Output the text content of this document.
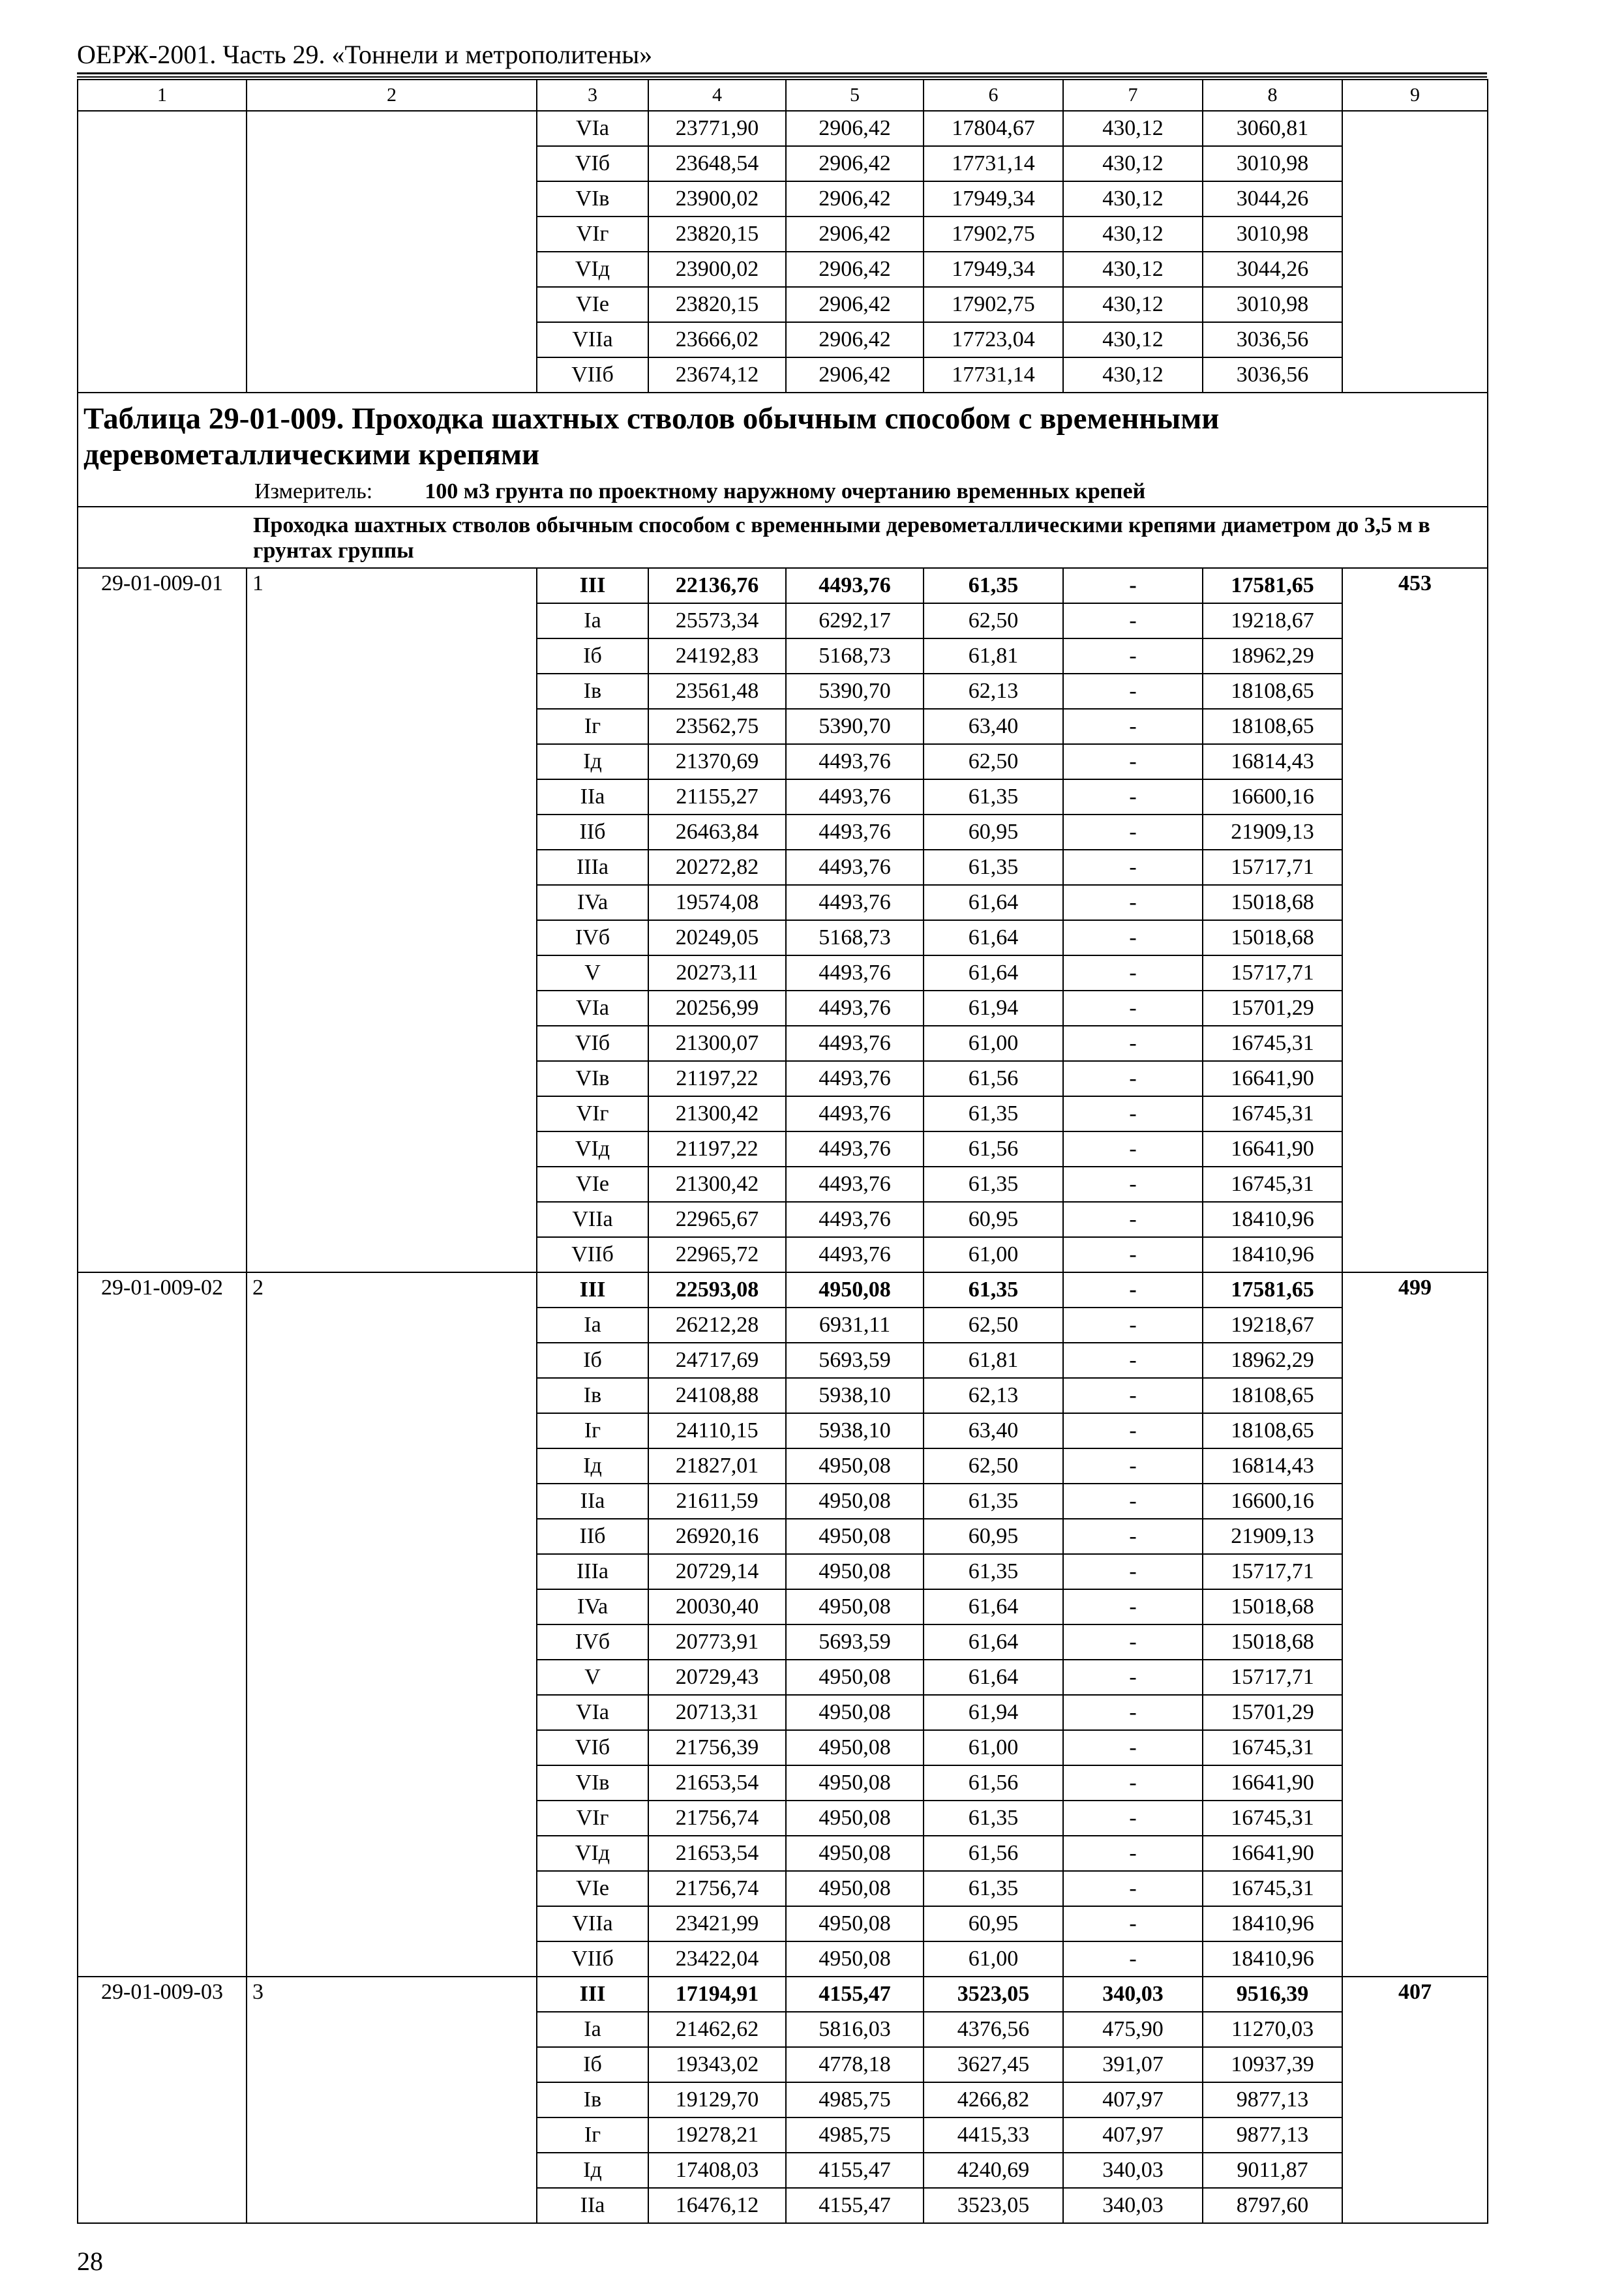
ОЕРЖ-2001. Часть 29. «Тоннели и метрополитены»
1	2	3	4	5	6	7	8	9
		VIa	23771,90	2906,42	17804,67	430,12	3060,81	
		VIб	23648,54	2906,42	17731,14	430,12	3010,98	
		VIв	23900,02	2906,42	17949,34	430,12	3044,26	
		VIг	23820,15	2906,42	17902,75	430,12	3010,98	
		VIд	23900,02	2906,42	17949,34	430,12	3044,26	
		VIе	23820,15	2906,42	17902,75	430,12	3010,98	
		VIIa	23666,02	2906,42	17723,04	430,12	3036,56	
		VIIб	23674,12	2906,42	17731,14	430,12	3036,56	
Таблица 29-01-009. Проходка шахтных стволов обычным способом с временными деревометаллическими крепями								
Измеритель: 100 м3 грунта по проектному наружному очертанию временных крепей								
Проходка шахтных стволов обычным способом с временными деревометаллическими крепями диаметром до 3,5 м в грунтах группы								
29-01-009-01	1	III	22136,76	4493,76	61,35	-	17581,65	453
		Ia	25573,34	6292,17	62,50	-	19218,67	
		Iб	24192,83	5168,73	61,81	-	18962,29	
		Iв	23561,48	5390,70	62,13	-	18108,65	
		Iг	23562,75	5390,70	63,40	-	18108,65	
		Iд	21370,69	4493,76	62,50	-	16814,43	
		IIa	21155,27	4493,76	61,35	-	16600,16	
		IIб	26463,84	4493,76	60,95	-	21909,13	
		IIIa	20272,82	4493,76	61,35	-	15717,71	
		IVa	19574,08	4493,76	61,64	-	15018,68	
		IVб	20249,05	5168,73	61,64	-	15018,68	
		V	20273,11	4493,76	61,64	-	15717,71	
		VIa	20256,99	4493,76	61,94	-	15701,29	
		VIб	21300,07	4493,76	61,00	-	16745,31	
		VIв	21197,22	4493,76	61,56	-	16641,90	
		VIг	21300,42	4493,76	61,35	-	16745,31	
		VIд	21197,22	4493,76	61,56	-	16641,90	
		VIе	21300,42	4493,76	61,35	-	16745,31	
		VIIa	22965,67	4493,76	60,95	-	18410,96	
		VIIб	22965,72	4493,76	61,00	-	18410,96	
29-01-009-02	2	III	22593,08	4950,08	61,35	-	17581,65	499
		Ia	26212,28	6931,11	62,50	-	19218,67	
		Iб	24717,69	5693,59	61,81	-	18962,29	
		Iв	24108,88	5938,10	62,13	-	18108,65	
		Iг	24110,15	5938,10	63,40	-	18108,65	
		Iд	21827,01	4950,08	62,50	-	16814,43	
		IIa	21611,59	4950,08	61,35	-	16600,16	
		IIб	26920,16	4950,08	60,95	-	21909,13	
		IIIa	20729,14	4950,08	61,35	-	15717,71	
		IVa	20030,40	4950,08	61,64	-	15018,68	
		IVб	20773,91	5693,59	61,64	-	15018,68	
		V	20729,43	4950,08	61,64	-	15717,71	
		VIa	20713,31	4950,08	61,94	-	15701,29	
		VIб	21756,39	4950,08	61,00	-	16745,31	
		VIв	21653,54	4950,08	61,56	-	16641,90	
		VIг	21756,74	4950,08	61,35	-	16745,31	
		VIд	21653,54	4950,08	61,56	-	16641,90	
		VIе	21756,74	4950,08	61,35	-	16745,31	
		VIIa	23421,99	4950,08	60,95	-	18410,96	
		VIIб	23422,04	4950,08	61,00	-	18410,96	
29-01-009-03	3	III	17194,91	4155,47	3523,05	340,03	9516,39	407
		Ia	21462,62	5816,03	4376,56	475,90	11270,03	
		Iб	19343,02	4778,18	3627,45	391,07	10937,39	
		Iв	19129,70	4985,75	4266,82	407,97	9877,13	
		Iг	19278,21	4985,75	4415,33	407,97	9877,13	
		Iд	17408,03	4155,47	4240,69	340,03	9011,87	
		IIa	16476,12	4155,47	3523,05	340,03	8797,60	
28
